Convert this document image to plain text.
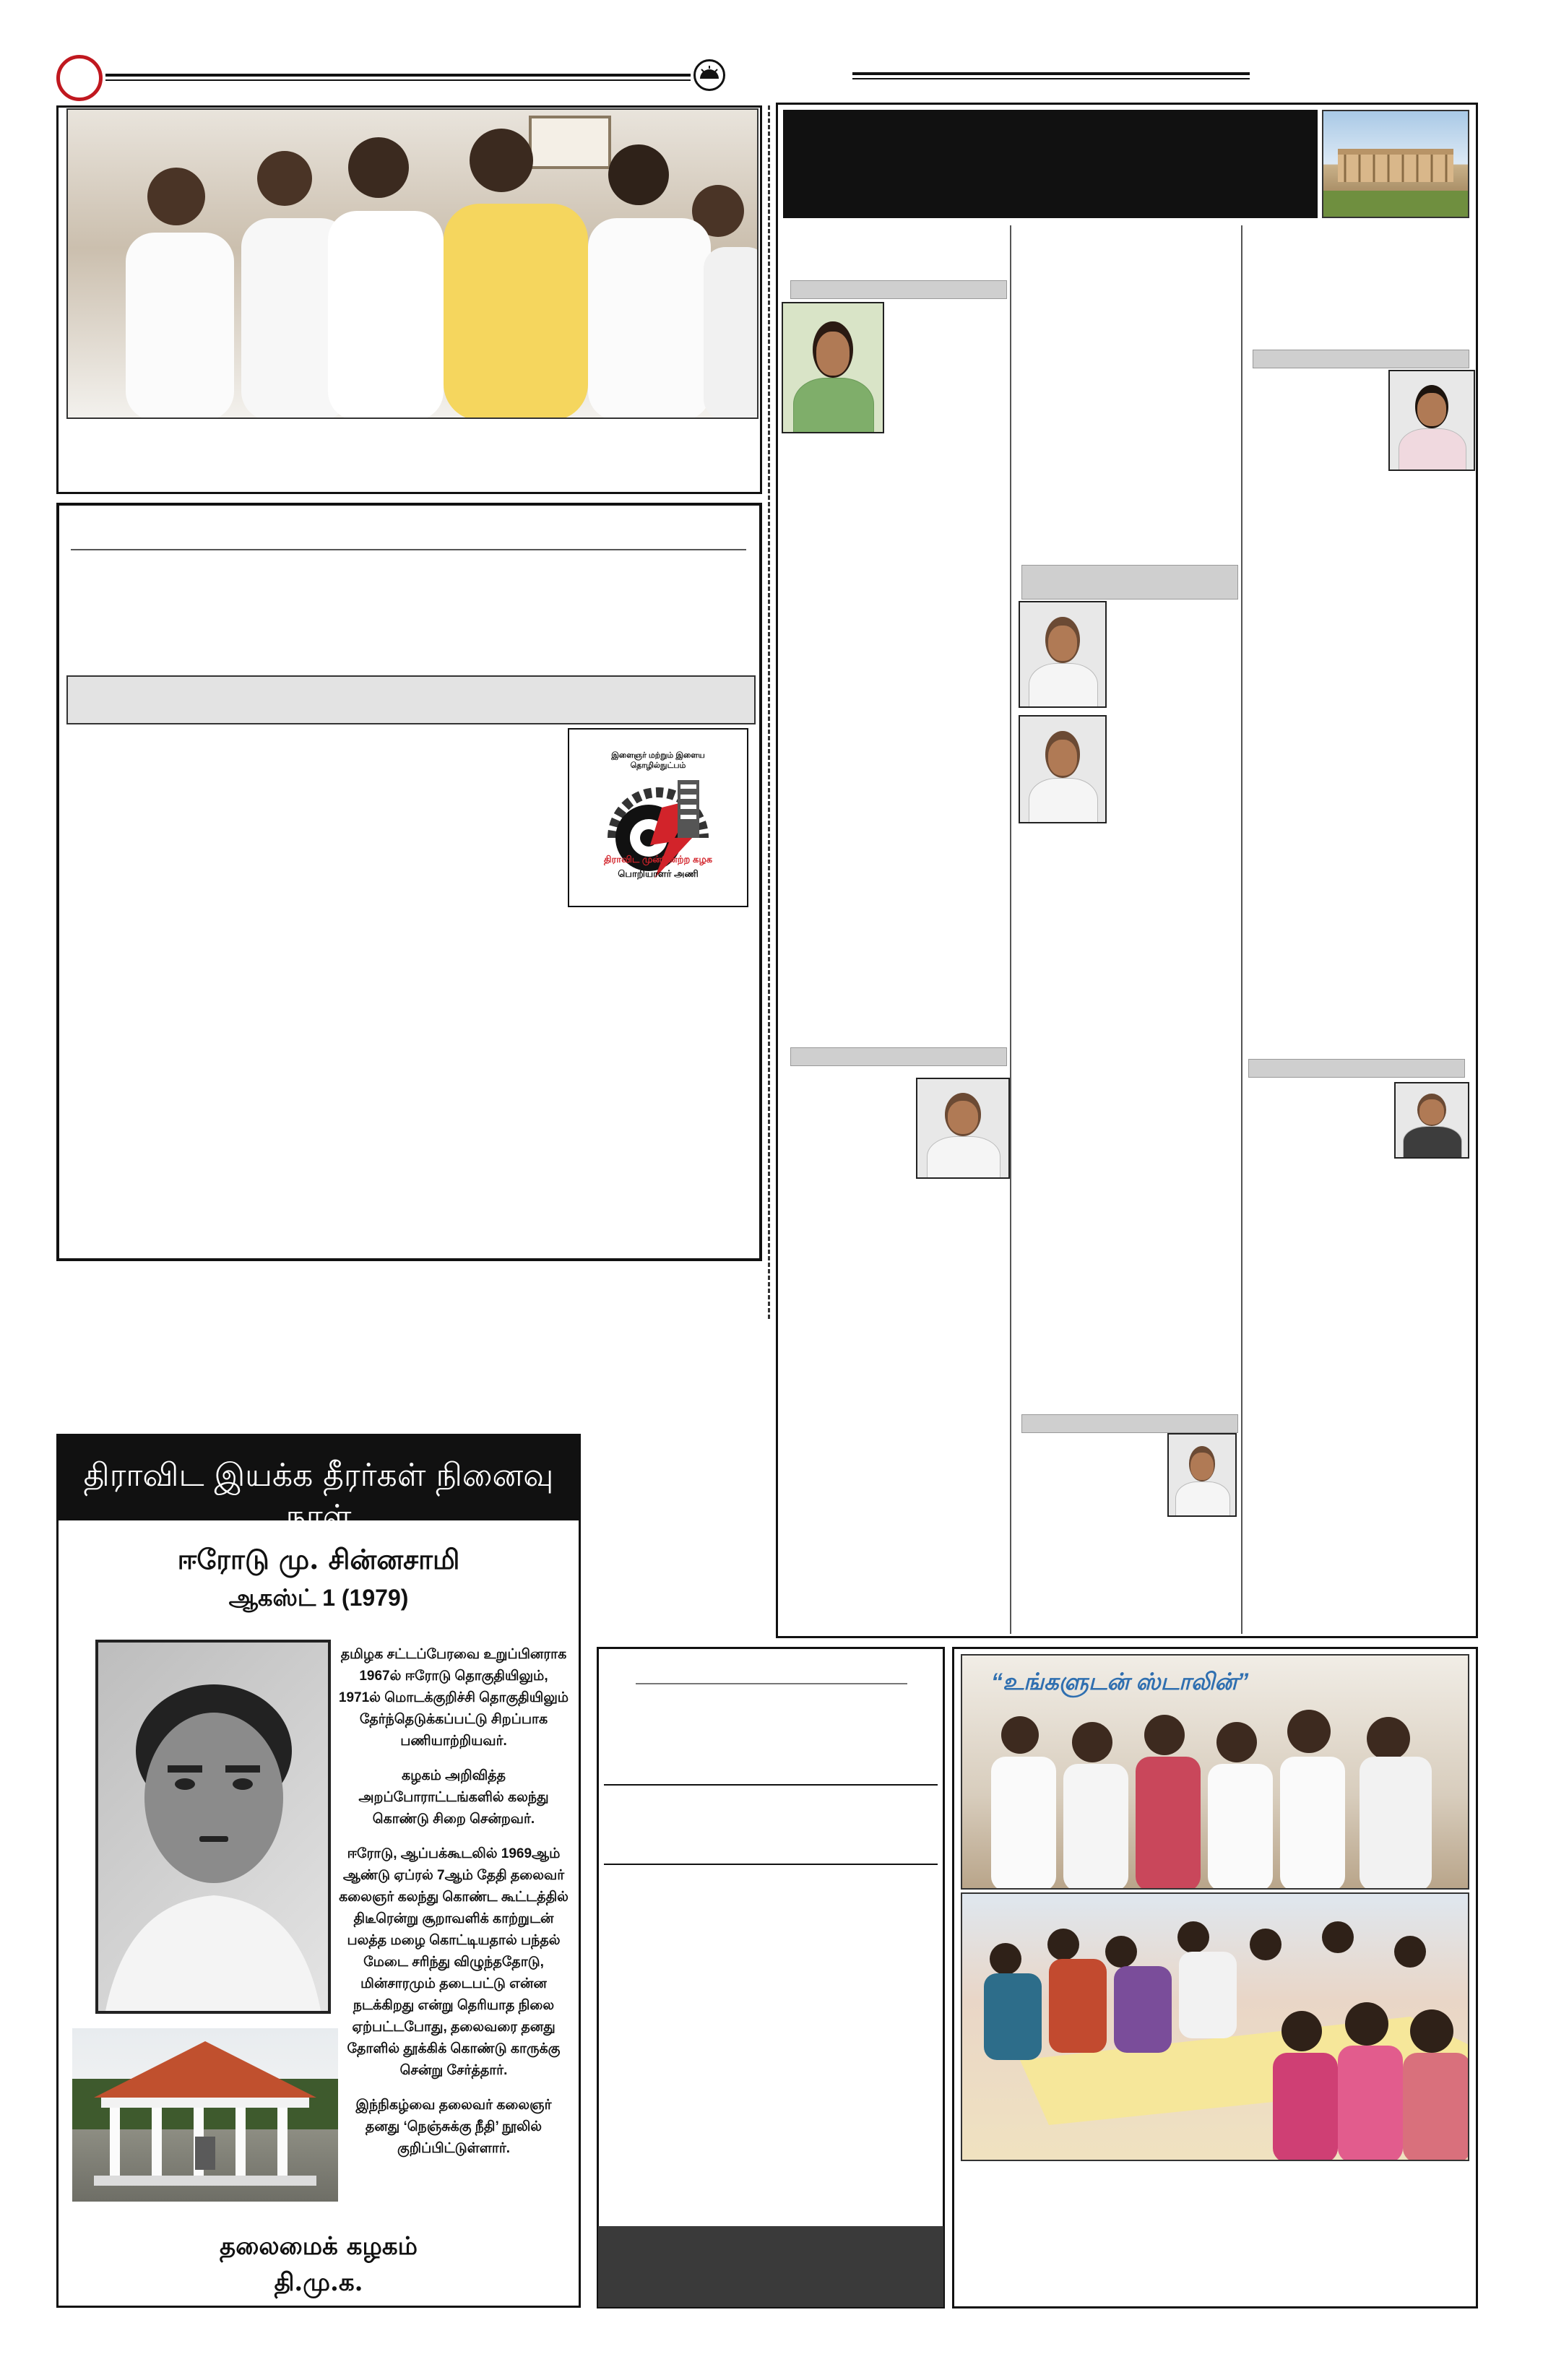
இளைஞர் மற்றும் இளைய தொழில்நுட்பம்
திராவிட முன்னேற்ற கழக
பொறியாளர் அணி
திராவிட இயக்க தீரர்கள் நினைவு நாள்
ஈரோடு மு. சின்னசாமி
ஆகஸ்ட் 1 (1979)

தமிழக சட்டப்பேரவை உறுப்பினராக 1967ல் ஈரோடு தொகுதியிலும், 1971ல் மொடக்குறிச்சி தொகுதியிலும் தேர்ந்தெடுக்கப்பட்டு சிறப்பாக பணியாற்றியவர்.

கழகம் அறிவித்த அறப்போராட்டங்களில் கலந்து கொண்டு சிறை சென்றவர்.

ஈரோடு, ஆப்பக்கூடலில் 1969ஆம் ஆண்டு ஏப்ரல் 7ஆம் தேதி தலைவர் கலைஞர் கலந்து கொண்ட கூட்டத்தில் திடீரென்று சூறாவளிக் காற்றுடன் பலத்த மழை கொட்டியதால் பந்தல் மேடை சரிந்து விழுந்ததோடு, மின்சாரமும் தடைபட்டு என்ன நடக்கிறது என்று தெரியாத நிலை ஏற்பட்டபோது, தலைவரை தனது தோளில் தூக்கிக் கொண்டு காருக்கு சென்று சேர்த்தார்.

இந்நிகழ்வை தலைவர் கலைஞர் தனது ‘நெஞ்சுக்கு நீதி’ நூலில் குறிப்பிட்டுள்ளார்.

தலைமைக் கழகம்
தி.மு.க.
“உங்களுடன் ஸ்டாலின்”
